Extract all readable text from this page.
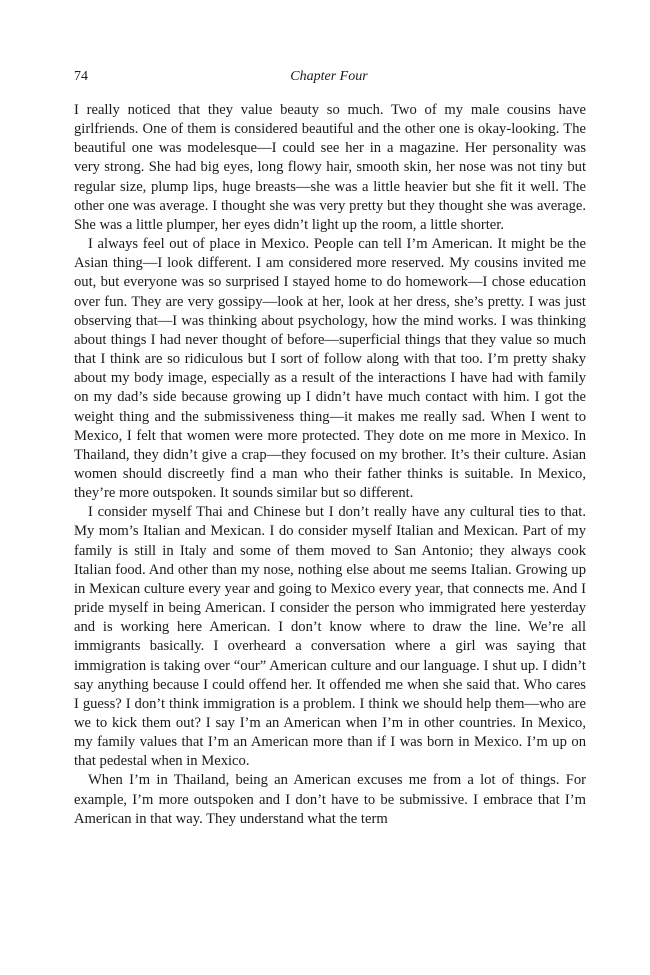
74	Chapter Four

I really noticed that they value beauty so much. Two of my male cousins have girlfriends. One of them is considered beautiful and the other one is okay-looking. The beautiful one was modelesque—I could see her in a magazine. Her personality was very strong. She had big eyes, long flowy hair, smooth skin, her nose was not tiny but regular size, plump lips, huge breasts—she was a little heavier but she fit it well. The other one was average. I thought she was very pretty but they thought she was average. She was a little plumper, her eyes didn’t light up the room, a little shorter.

I always feel out of place in Mexico. People can tell I’m American. It might be the Asian thing—I look different. I am considered more reserved. My cousins invited me out, but everyone was so surprised I stayed home to do homework—I chose education over fun. They are very gossipy—look at her, look at her dress, she’s pretty. I was just observing that—I was thinking about psychology, how the mind works. I was thinking about things I had never thought of before—superficial things that they value so much that I think are so ridiculous but I sort of follow along with that too. I’m pretty shaky about my body image, especially as a result of the interactions I have had with family on my dad’s side because growing up I didn’t have much contact with him. I got the weight thing and the submissiveness thing—it makes me really sad. When I went to Mexico, I felt that women were more protected. They dote on me more in Mexico. In Thailand, they didn’t give a crap—they focused on my brother. It’s their culture. Asian women should discreetly find a man who their father thinks is suitable. In Mexico, they’re more outspoken. It sounds similar but so different.

I consider myself Thai and Chinese but I don’t really have any cultural ties to that. My mom’s Italian and Mexican. I do consider myself Italian and Mexican. Part of my family is still in Italy and some of them moved to San Antonio; they always cook Italian food. And other than my nose, nothing else about me seems Italian. Growing up in Mexican culture every year and going to Mexico every year, that connects me. And I pride myself in being American. I consider the person who immigrated here yesterday and is working here American. I don’t know where to draw the line. We’re all immigrants basically. I overheard a conversation where a girl was saying that immigration is taking over “our” American culture and our language. I shut up. I didn’t say anything because I could offend her. It offended me when she said that. Who cares I guess? I don’t think immigration is a problem. I think we should help them—who are we to kick them out? I say I’m an American when I’m in other countries. In Mexico, my family values that I’m an American more than if I was born in Mexico. I’m up on that pedestal when in Mexico.

When I’m in Thailand, being an American excuses me from a lot of things. For example, I’m more outspoken and I don’t have to be submissive. I embrace that I’m American in that way. They understand what the term
